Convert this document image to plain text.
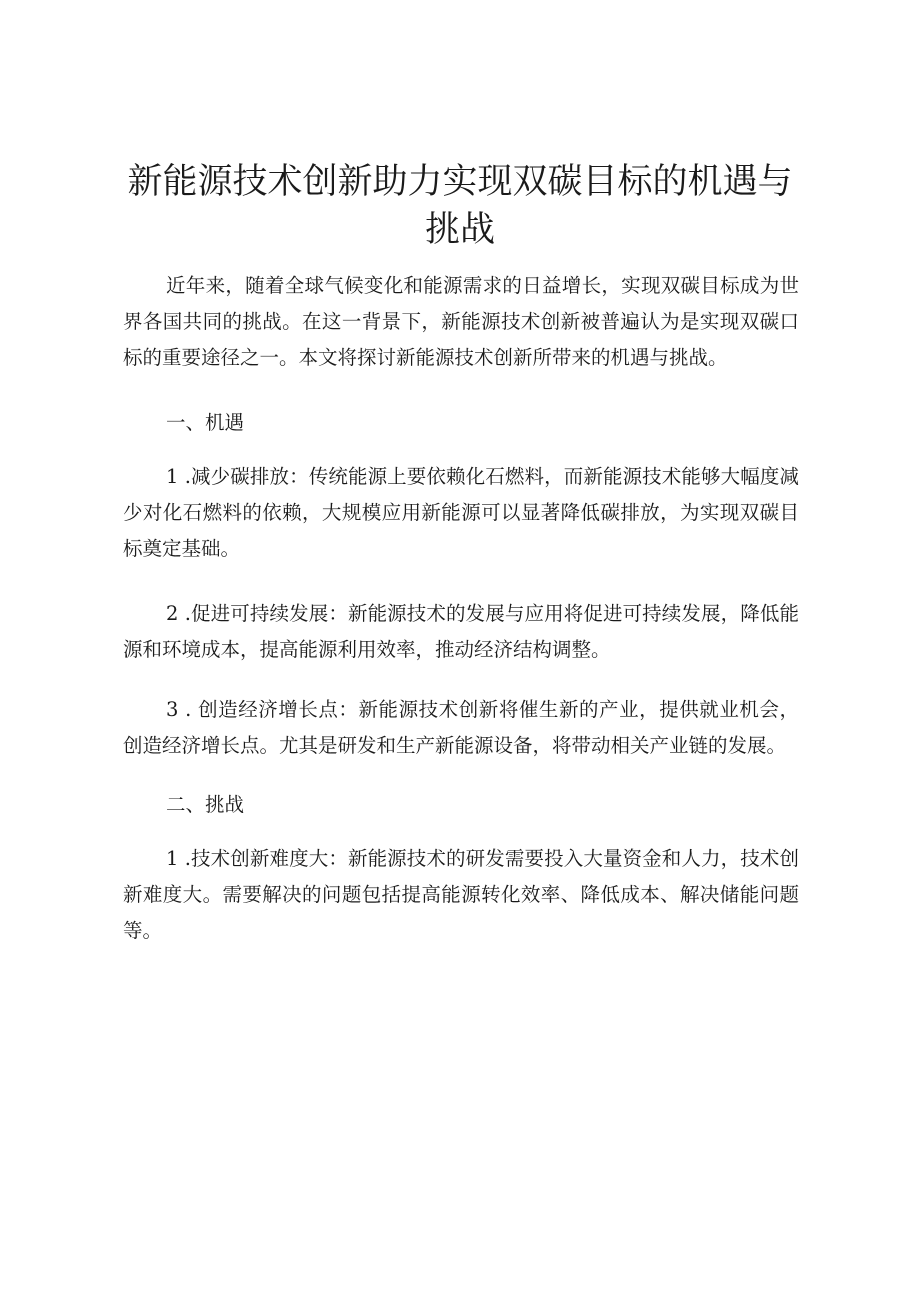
新能源技术创新助力实现双碳目标的机遇与挑战

近年来，随着全球气候变化和能源需求的日益增长，实现双碳目标成为世界各国共同的挑战。在这一背景下，新能源技术创新被普遍认为是实现双碳口标的重要途径之一。本文将探讨新能源技术创新所带来的机遇与挑战。

一、机遇

1 .减少碳排放：传统能源上要依赖化石燃料，而新能源技术能够大幅度减少对化石燃料的依赖，大规模应用新能源可以显著降低碳排放，为实现双碳目标奠定基础。

2 .促进可持续发展：新能源技术的发展与应用将促进可持续发展，降低能源和环境成本，提高能源利用效率，推动经济结构调整。

3 . 创造经济增长点：新能源技术创新将催生新的产业，提供就业机会，创造经济增长点。尤其是研发和生产新能源设备，将带动相关产业链的发展。

二、挑战

1 .技术创新难度大：新能源技术的研发需要投入大量资金和人力，技术创新难度大。需要解决的问题包括提高能源转化效率、降低成本、解决储能问题等。
